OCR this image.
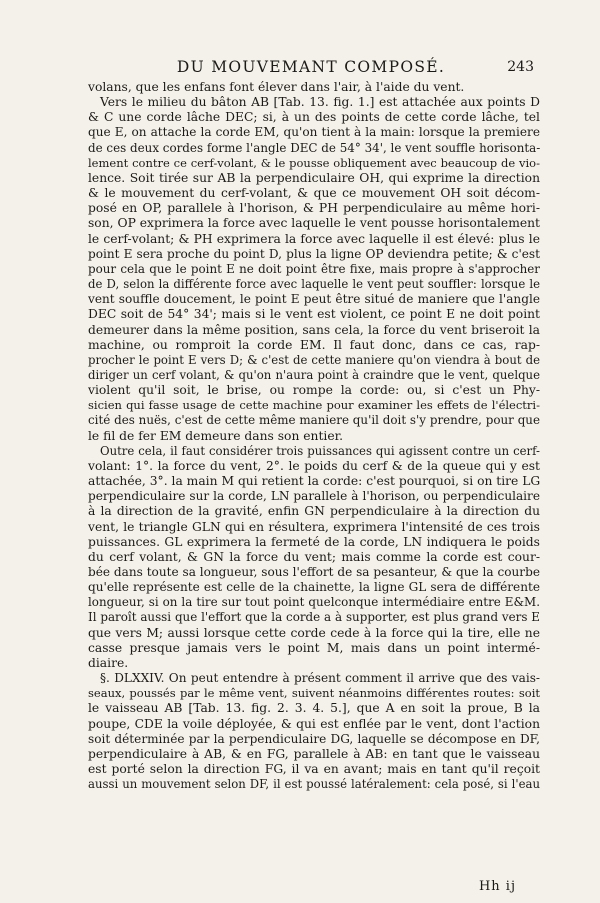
DU MOUVEMANT COMPOSÉ.	243
volans, que les enfans font élever dans l'air, à l'aide du vent.
Vers le milieu du bâton AB [Tab. 13. fig. 1.] est attachée aux points D
& C une corde lâche DEC; si, à un des points de cette corde lâche, tel
que E, on attache la corde EM, qu'on tient à la main: lorsque la premiere
de ces deux cordes forme l'angle DEC de 54° 34', le vent souffle horisonta-
lement contre ce cerf-volant, & le pousse obliquement avec beaucoup de vio-
lence. Soit tirée sur AB la perpendiculaire OH, qui exprime la direction
& le mouvement du cerf-volant, & que ce mouvement OH soit décom-
posé en OP, parallele à l'horison, & PH perpendiculaire au même hori-
son, OP exprimera la force avec laquelle le vent pousse horisontalement
le cerf-volant; & PH exprimera la force avec laquelle il est élevé: plus le
point E sera proche du point D, plus la ligne OP deviendra petite; & c'est
pour cela que le point E ne doit point être fixe, mais propre à s'approcher
de D, selon la différente force avec laquelle le vent peut souffler: lorsque le
vent souffle doucement, le point E peut être situé de maniere que l'angle
DEC soit de 54° 34'; mais si le vent est violent, ce point E ne doit point
demeurer dans la même position, sans cela, la force du vent briseroit la
machine, ou romproit la corde EM. Il faut donc, dans ce cas, rap-
procher le point E vers D; & c'est de cette maniere qu'on viendra à bout de
diriger un cerf volant, & qu'on n'aura point à craindre que le vent, quelque
violent qu'il soit, le brise, ou rompe la corde: ou, si c'est un Phy-
sicien qui fasse usage de cette machine pour examiner les effets de l'électri-
cité des nuës, c'est de cette même maniere qu'il doit s'y prendre, pour que
le fil de fer EM demeure dans son entier.
Outre cela, il faut considérer trois puissances qui agissent contre un cerf-
volant: 1°. la force du vent, 2°. le poids du cerf & de la queue qui y est
attachée, 3°. la main M qui retient la corde: c'est pourquoi, si on tire LG
perpendiculaire sur la corde, LN parallele à l'horison, ou perpendiculaire
à la direction de la gravité, enfin GN perpendiculaire à la direction du
vent, le triangle GLN qui en résultera, exprimera l'intensité de ces trois
puissances. GL exprimera la fermeté de la corde, LN indiquera le poids
du cerf volant, & GN la force du vent; mais comme la corde est cour-
bée dans toute sa longueur, sous l'effort de sa pesanteur, & que la courbe
qu'elle représente est celle de la chainette, la ligne GL sera de différente
longueur, si on la tire sur tout point quelconque intermédiaire entre E&M.
Il paroît aussi que l'effort que la corde a à supporter, est plus grand vers E
que vers M; aussi lorsque cette corde cede à la force qui la tire, elle ne
casse presque jamais vers le point M, mais dans un point intermé-
diaire.
§. DLXXIV. On peut entendre à présent comment il arrive que des vais-
seaux, poussés par le même vent, suivent néanmoins différentes routes: soit
le vaisseau AB [Tab. 13. fig. 2. 3. 4. 5.], que A en soit la proue, B la
poupe, CDE la voile déployée, & qui est enflée par le vent, dont l'action
soit déterminée par la perpendiculaire DG, laquelle se décompose en DF,
perpendiculaire à AB, & en FG, parallele à AB: en tant que le vaisseau
est porté selon la direction FG, il va en avant; mais en tant qu'il reçoit
aussi un mouvement selon DF, il est poussé latéralement: cela posé, si l'eau
Hh ij
